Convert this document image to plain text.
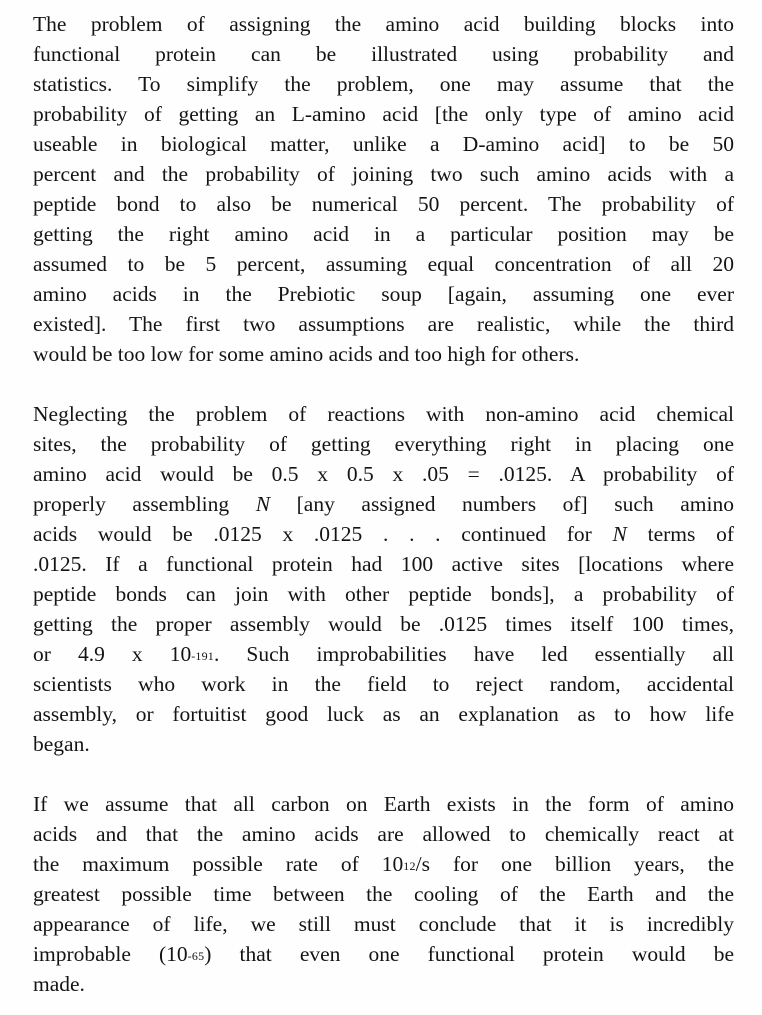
The problem of assigning the amino acid building blocks into
functional protein can be illustrated using probability and
statistics. To simplify the problem, one may assume that the
probability of getting an L-amino acid [the only type of amino acid
useable in biological matter, unlike a D-amino acid] to be 50
percent and the probability of joining two such amino acids with a
peptide bond to also be numerical 50 percent. The probability of
getting the right amino acid in a particular position may be
assumed to be 5 percent, assuming equal concentration of all 20
amino acids in the Prebiotic soup [again, assuming one ever
existed]. The first two assumptions are realistic, while the third
would be too low for some amino acids and too high for others.
Neglecting the problem of reactions with non-amino acid chemical
sites, the probability of getting everything right in placing one
amino acid would be 0.5 x 0.5 x .05 = .0125. A probability of
properly assembling N [any assigned numbers of] such amino
acids would be .0125 x .0125 . . . continued for N terms of
.0125. If a functional protein had 100 active sites [locations where
peptide bonds can join with other peptide bonds], a probability of
getting the proper assembly would be .0125 times itself 100 times,
or 4.9 x 10-191. Such improbabilities have led essentially all
scientists who work in the field to reject random, accidental
assembly, or fortuitist good luck as an explanation as to how life
began.
If we assume that all carbon on Earth exists in the form of amino
acids and that the amino acids are allowed to chemically react at
the maximum possible rate of 1012/s for one billion years, the
greatest possible time between the cooling of the Earth and the
appearance of life, we still must conclude that it is incredibly
improbable (10-65) that even one functional protein would be
made.
